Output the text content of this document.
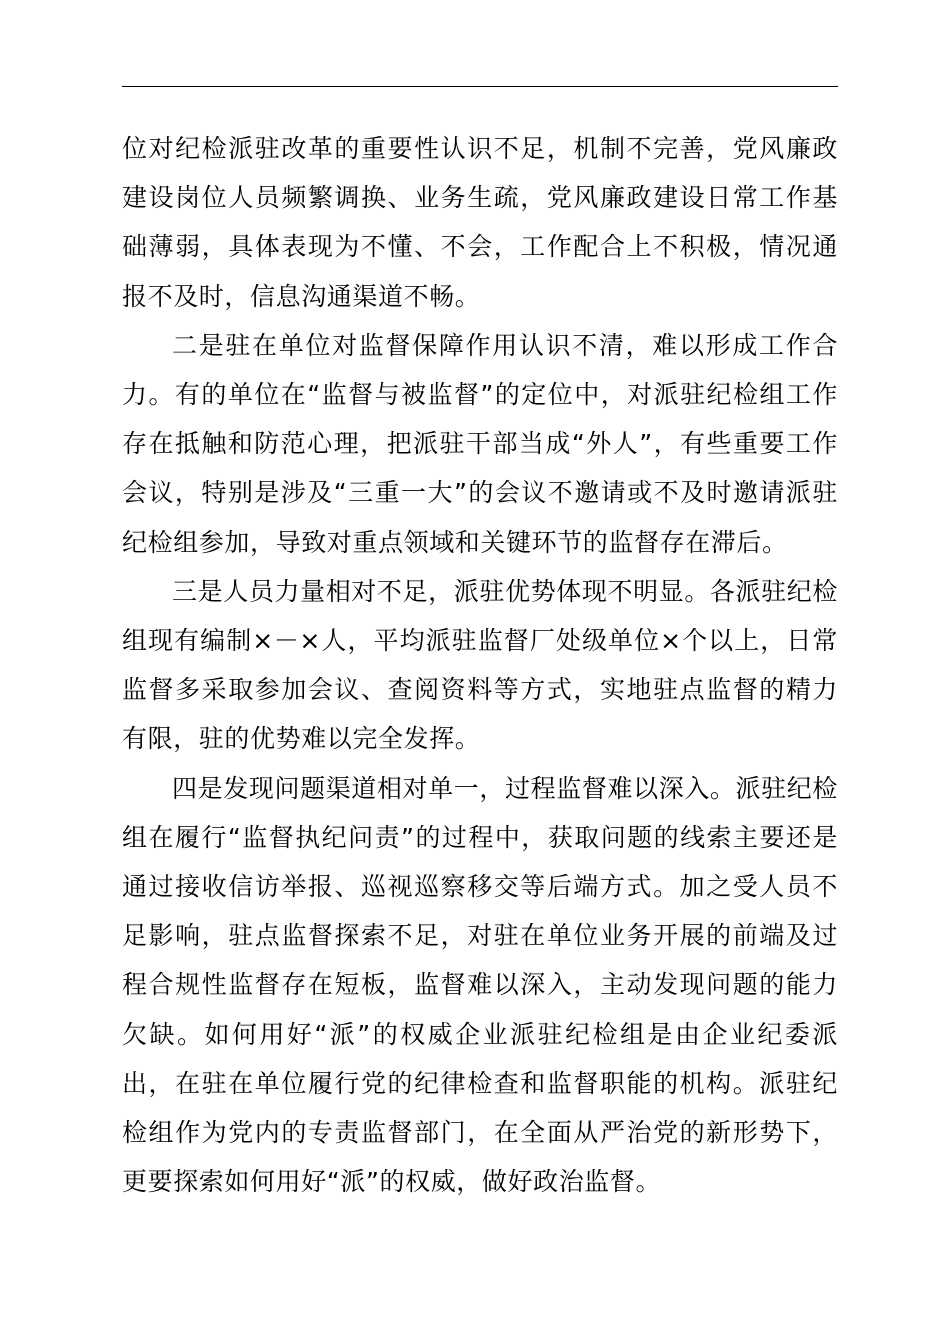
位对纪检派驻改革的重要性认识不足，机制不完善，党风廉政建设岗位人员频繁调换、业务生疏，党风廉政建设日常工作基础薄弱，具体表现为不懂、不会，工作配合上不积极，情况通报不及时，信息沟通渠道不畅。

二是驻在单位对监督保障作用认识不清，难以形成工作合力。有的单位在“监督与被监督”的定位中，对派驻纪检组工作存在抵触和防范心理，把派驻干部当成“外人”，有些重要工作会议，特别是涉及“三重一大”的会议不邀请或不及时邀请派驻纪检组参加，导致对重点领域和关键环节的监督存在滞后。

三是人员力量相对不足，派驻优势体现不明显。各派驻纪检组现有编制×－×人，平均派驻监督厂处级单位×个以上，日常监督多采取参加会议、查阅资料等方式，实地驻点监督的精力有限，驻的优势难以完全发挥。

四是发现问题渠道相对单一，过程监督难以深入。派驻纪检组在履行“监督执纪问责”的过程中，获取问题的线索主要还是通过接收信访举报、巡视巡察移交等后端方式。加之受人员不足影响，驻点监督探索不足，对驻在单位业务开展的前端及过程合规性监督存在短板，监督难以深入，主动发现问题的能力欠缺。如何用好“派”的权威企业派驻纪检组是由企业纪委派出，在驻在单位履行党的纪律检查和监督职能的机构。派驻纪检组作为党内的专责监督部门，在全面从严治党的新形势下，更要探索如何用好“派”的权威，做好政治监督。
